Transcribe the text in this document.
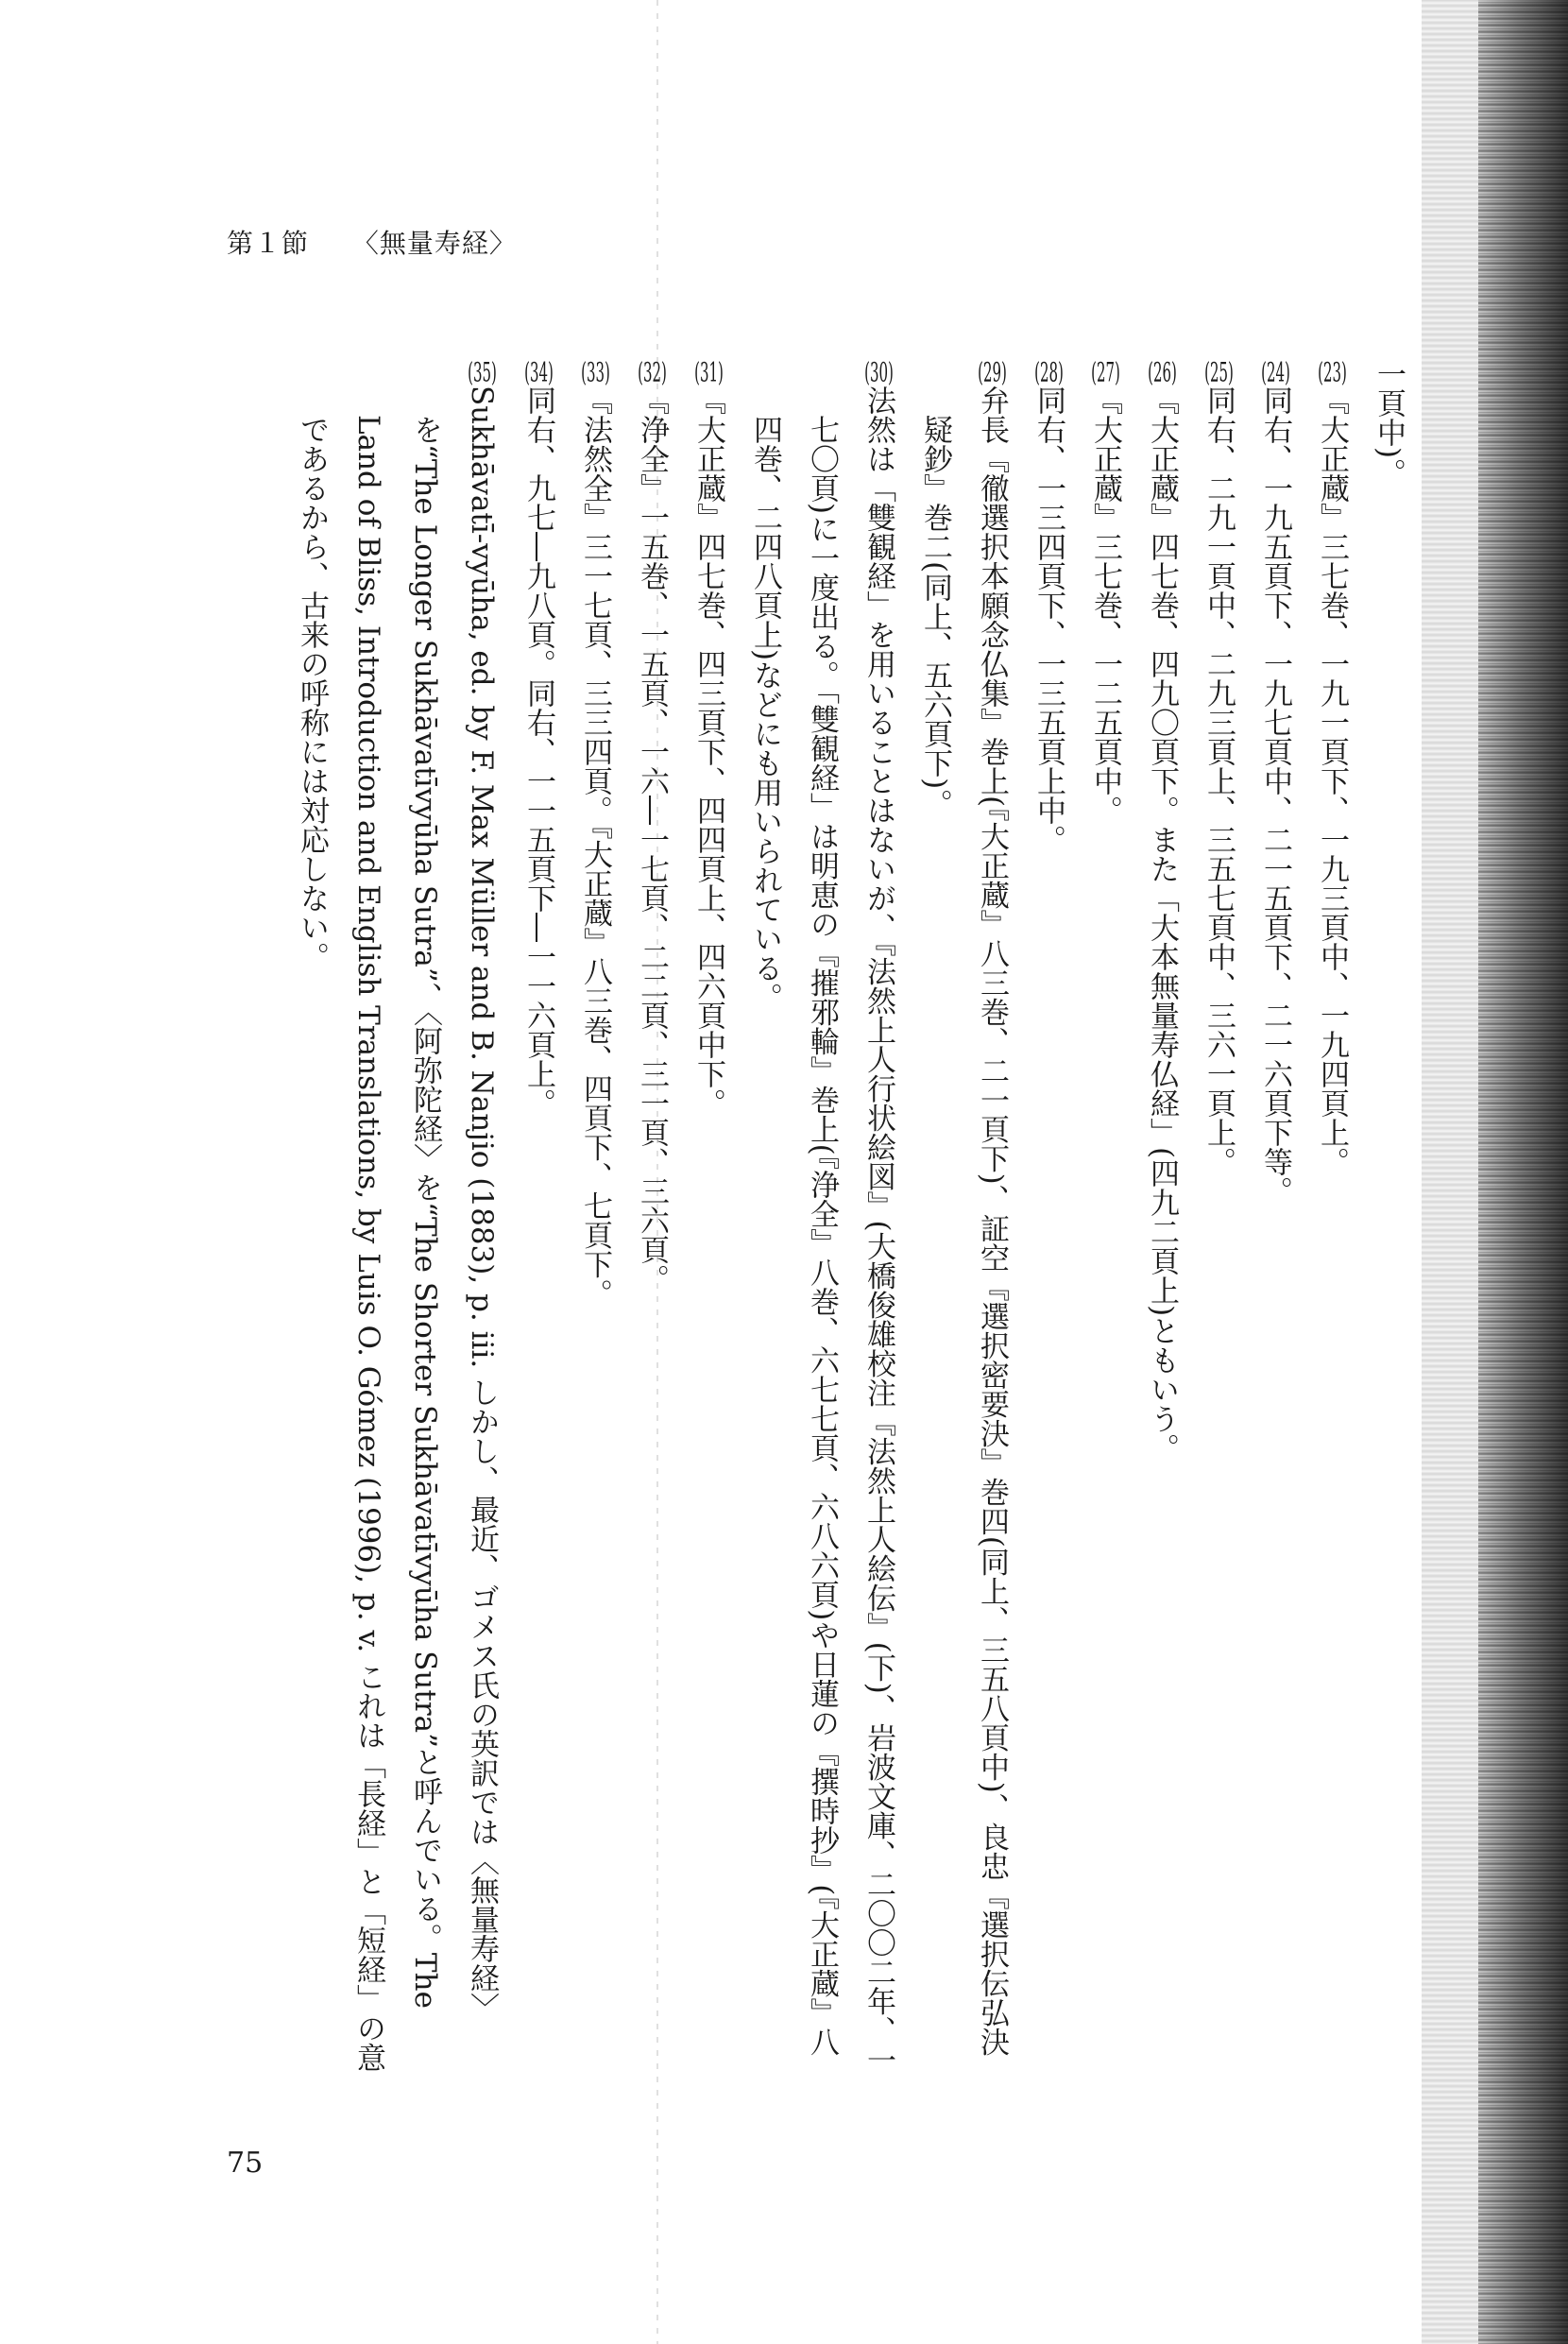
第１節 〈無量寿経〉

一頁中)。

(23)『大正蔵』三七巻、一九一頁下、一九三頁中、一九四頁上。

(24)同右、一九五頁下、一九七頁中、二一五頁下、二一六頁下等。

(25)同右、二九一頁中、二九三頁上、三五七頁中、三六一頁上。

(26)『大正蔵』四七巻、四九〇頁下。また「大本無量寿仏経」(四九二頁上)ともいう。

(27)『大正蔵』三七巻、一二五頁中。

(28)同右、一三四頁下、一三五頁上中。

(29)弁長『徹選択本願念仏集』巻上(『大正蔵』八三巻、二一頁下)、証空『選択密要決』巻四(同上、三五八頁中)、良忠『選択伝弘決疑鈔』巻二(同上、五六頁下)。

(30)法然は「雙観経」を用いることはないが、『法然上人行状絵図』(大橋俊雄校注『法然上人絵伝』(下)、岩波文庫、二〇〇二年、一七〇頁)に一度出る。「雙観経」は明恵の『摧邪輪』巻上(『浄全』八巻、六七七頁、六八六頁)や日蓮の『撰時抄』(『大正蔵』八四巻、二四八頁上)などにも用いられている。

(31)『大正蔵』四七巻、四三頁下、四四頁上、四六頁中下。

(32)『浄全』一五巻、一五頁、一六―一七頁、二二頁、三一頁、三六頁。

(33)『法然全』三一七頁、三三四頁。『大正蔵』八三巻、四頁下、七頁下。

(34)同右、九七―九八頁。同右、一一五頁下―一一六頁上。

(35)Sukhāvatī-vyūha, ed. by F. Max Müller and B. Nanjio (1883), p. iii. しかし、最近、ゴメス氏の英訳では〈無量寿経〉を“The Longer Sukhāvatīvyūha Sutra”、〈阿弥陀経〉を“The Shorter Sukhāvatīvyūha Sutra”と呼んでいる。The Land of Bliss, Introduction and English Translations, by Luis O. Gómez (1996), p. v. これは「長経」と「短経」の意であるから、古来の呼称には対応しない。

75
